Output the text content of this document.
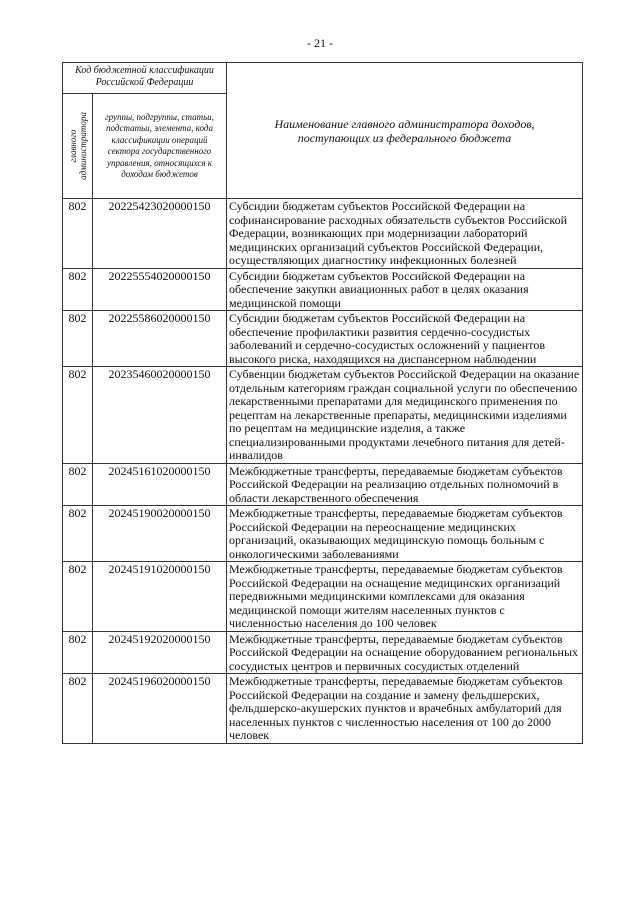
- 21 -
Код бюджетной классификации Российской Федерации		Наименование главного администратора доходов, поступающих из федерального бюджета

главного администратора	группы, подгруппы, статьи, подстатьи, элемента, кода классификации операций сектора государственного управления, относящихся к доходам бюджетов	
802	20225423020000150	Субсидии бюджетам субъектов Российской Федерации на софинансирование расходных обязательств субъектов Российской Федерации, возникающих при модернизации лабораторий медицинских организаций субъектов Российской Федерации, осуществляющих диагностику инфекционных болезней
802	20225554020000150	Субсидии бюджетам субъектов Российской Федерации на обеспечение закупки авиационных работ в целях оказания медицинской помощи
802	20225586020000150	Субсидии бюджетам субъектов Российской Федерации на обеспечение профилактики развития сердечно-сосудистых заболеваний и сердечно-сосудистых осложнений у пациентов высокого риска, находящихся на диспансерном наблюдении
802	20235460020000150	Субвенции бюджетам субъектов Российской Федерации на оказание отдельным категориям граждан социальной услуги по обеспечению лекарственными препаратами для медицинского применения по рецептам на лекарственные препараты, медицинскими изделиями по рецептам на медицинские изделия, а также специализированными продуктами лечебного питания для детей-инвалидов
802	20245161020000150	Межбюджетные трансферты, передаваемые бюджетам субъектов Российской Федерации на реализацию отдельных полномочий в области лекарственного обеспечения
802	20245190020000150	Межбюджетные трансферты, передаваемые бюджетам субъектов Российской Федерации на переоснащение медицинских организаций, оказывающих медицинскую помощь больным с онкологическими заболеваниями
802	20245191020000150	Межбюджетные трансферты, передаваемые бюджетам субъектов Российской Федерации на оснащение медицинских организаций передвижными медицинскими комплексами для оказания медицинской помощи жителям населенных пунктов с численностью населения до 100 человек
802	20245192020000150	Межбюджетные трансферты, передаваемые бюджетам субъектов Российской Федерации на оснащение оборудованием региональных сосудистых центров и первичных сосудистых отделений
802	20245196020000150	Межбюджетные трансферты, передаваемые бюджетам субъектов Российской Федерации на создание и замену фельдшерских, фельдшерско-акушерских пунктов и врачебных амбулаторий для населенных пунктов с численностью населения от 100 до 2000 человек
